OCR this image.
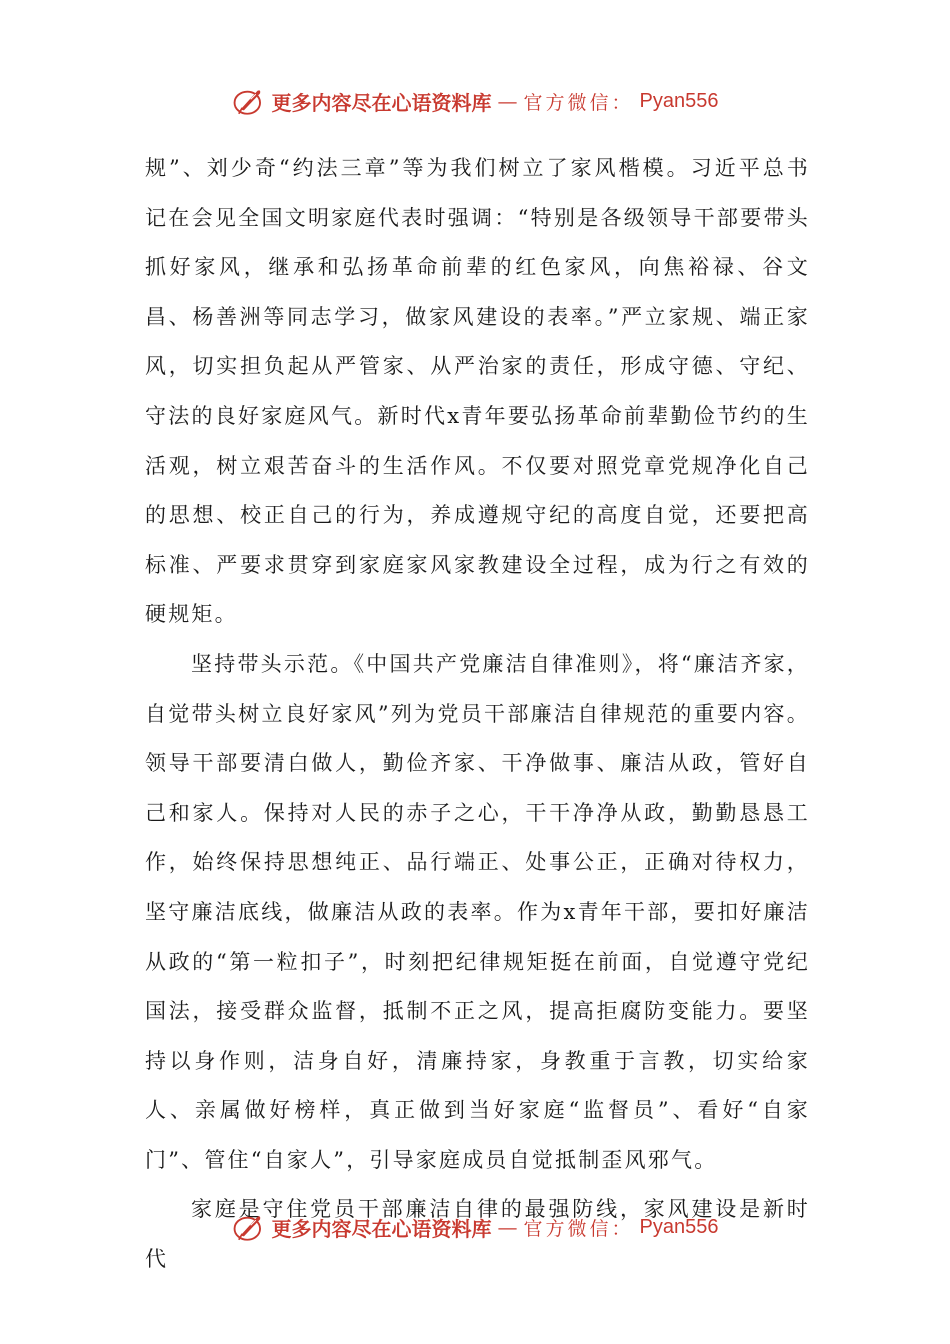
更多内容尽在心语资料库 — 官方微信： Pyan556

规”、刘少奇“约法三章”等为我们树立了家风楷模。习近平总书记在会见全国文明家庭代表时强调：“特别是各级领导干部要带头抓好家风，继承和弘扬革命前辈的红色家风，向焦裕禄、谷文昌、杨善洲等同志学习，做家风建设的表率。”严立家规、端正家风，切实担负起从严管家、从严治家的责任，形成守德、守纪、守法的良好家庭风气。新时代x青年要弘扬革命前辈勤俭节约的生活观，树立艰苦奋斗的生活作风。不仅要对照党章党规净化自己的思想、校正自己的行为，养成遵规守纪的高度自觉，还要把高标准、严要求贯穿到家庭家风家教建设全过程，成为行之有效的硬规矩。

坚持带头示范。《中国共产党廉洁自律准则》，将“廉洁齐家，自觉带头树立良好家风”列为党员干部廉洁自律规范的重要内容。领导干部要清白做人，勤俭齐家、干净做事、廉洁从政，管好自己和家人。保持对人民的赤子之心，干干净净从政，勤勤恳恳工作，始终保持思想纯正、品行端正、处事公正，正确对待权力，坚守廉洁底线，做廉洁从政的表率。作为x青年干部，要扣好廉洁从政的“第一粒扣子”，时刻把纪律规矩挺在前面，自觉遵守党纪国法，接受群众监督，抵制不正之风，提高拒腐防变能力。要坚持以身作则，洁身自好，清廉持家，身教重于言教，切实给家人、亲属做好榜样，真正做到当好家庭“监督员”、看好“自家门”、管住“自家人”，引导家庭成员自觉抵制歪风邪气。

家庭是守住党员干部廉洁自律的最强防线，家风建设是新时代

更多内容尽在心语资料库 — 官方微信： Pyan556
